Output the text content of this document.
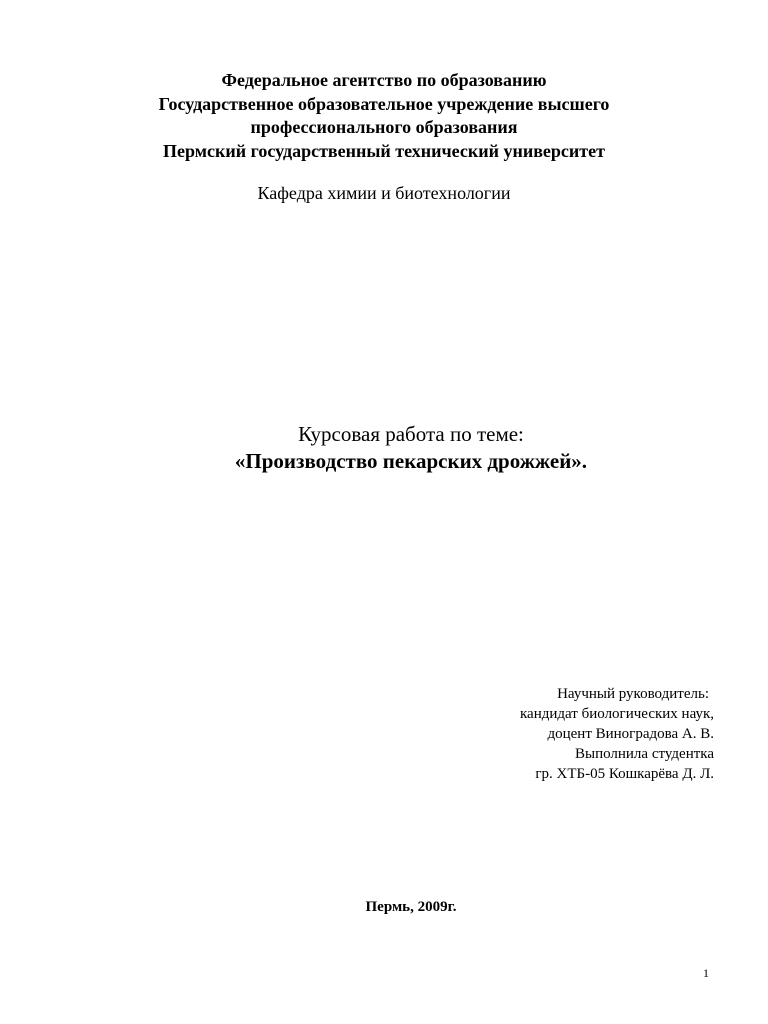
Федеральное агентство по образованию
Государственное образовательное учреждение высшего
профессионального образования
Пермский государственный технический университет
Кафедра химии и биотехнологии
Курсовая работа по теме:
«Производство пекарских дрожжей».
Научный руководитель:
кандидат биологических наук,
доцент Виноградова А. В.
Выполнила студентка
гр. ХТБ-05 Кошкарёва Д. Л.
Пермь, 2009г.
1
